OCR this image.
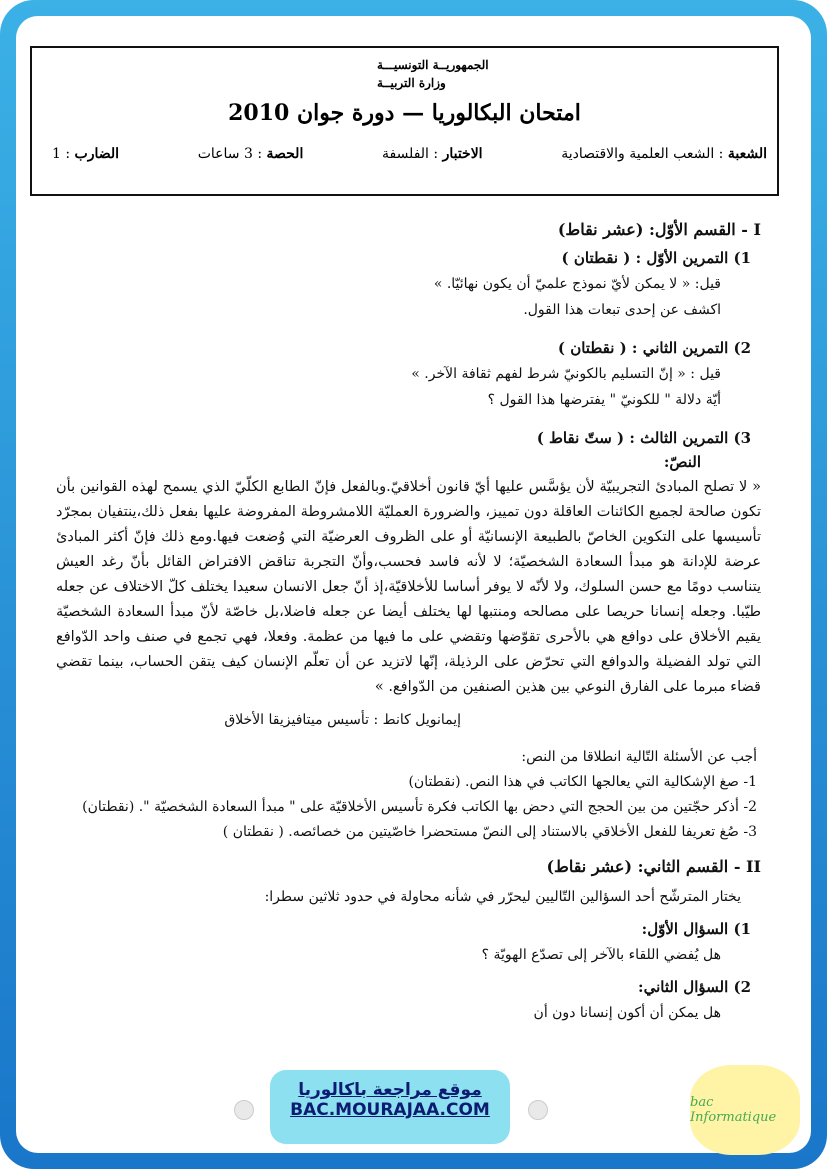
الجمهوريــة التونسيـــة
وزارة التربيــة
امتحان البكالوريا — دورة جوان 2010
الشعبة : الشعب العلمية والاقتصادية
الاختبار : الفلسفة
الحصة : 3 ساعات
الضارب : 1
I - القسم الأوّل: (عشر نقاط)
1) التمرين الأوّل : ( نقطتان )
قيل: « لا يمكن لأيّ نموذج علميّ أن يكون نهائيّا. »
اكشف عن إحدى تبعات هذا القول.
2) التمرين الثاني : ( نقطتان )
قيل : « إنّ التسليم بالكونيّ شرط لفهم ثقافة الآخر. »
أيّة دلالة " للكونيّ " يفترضها هذا القول ؟
3) التمرين الثالث : ( ستّ نقاط )
النصّ:
« لا تصلح المبادئ التجريبيّة لأن يؤسَّس عليها أيّ قانون أخلاقيّ.وبالفعل فإنّ الطابع الكلّيّ الذي يسمح لهذه القوانين بأن تكون صالحة لجميع الكائنات العاقلة دون تمييز، والضرورة العمليّة اللامشروطة المفروضة عليها بفعل ذلك،ينتفيان بمجرّد تأسيسها على التكوين الخاصّ بالطبيعة الإنسانيّة أو على الظروف العرضيّة التي وُضعت فيها.ومع ذلك فإنّ أكثر المبادئ عرضة للإدانة هو مبدأ السعادة الشخصيّة؛ لا لأنه فاسد فحسب،وأنّ التجربة تناقض الافتراض القائل بأنّ رغد العيش يتناسب دومًا مع حسن السلوك، ولا لأنّه لا يوفر أساسا للأخلاقيّة،إذ أنّ جعل الانسان سعيدا يختلف كلّ الاختلاف عن جعله طيّبا. وجعله إنسانا حريصا على مصالحه ومنتبها لها يختلف أيضا عن جعله فاضلا،بل خاصّة لأنّ مبدأ السعادة الشخصيّة يقيم الأخلاق على دوافع هي بالأحرى تقوّضها وتقضي على ما فيها من عظمة. وفعلا، فهي تجمع في صنف واحد الدّوافع التي تولد الفضيلة والدوافع التي تحرّض على الرذيلة، إنّها لاتزيد عن أن تعلّم الإنسان كيف يتقن الحساب، بينما تقضي قضاء مبرما على الفارق النوعي بين هذين الصنفين من الدّوافع. »
إيمانويل كانط : تأسيس ميتافيزيقا الأخلاق
أجب عن الأسئلة التّالية انطلاقا من النص:
1- صغ الإشكالية التي يعالجها الكاتب في هذا النص. (نقطتان)
2- أذكر حجّتين من بين الحجج التي دحض بها الكاتب فكرة تأسيس الأخلاقيّة على " مبدأ السعادة الشخصيّة ". (نقطتان)
3- صُغ تعريفا للفعل الأخلاقي بالاستناد إلى النصّ مستحضرا خاصّيتين من خصائصه. ( نقطتان )
II - القسم الثاني: (عشر نقاط)
يختار المترشّح أحد السؤالين التّاليين ليحرّر في شأنه محاولة في حدود ثلاثين سطرا:
1) السؤال الأوّل:
هل يُفضي اللقاء بالآخر إلى تصدّع الهويّة ؟
2) السؤال الثاني:
هل يمكن أن أكون إنسانا دون أن
موقع مراجعة باكالوريا
BAC.MOURAJAA.COM	bac Informatique
